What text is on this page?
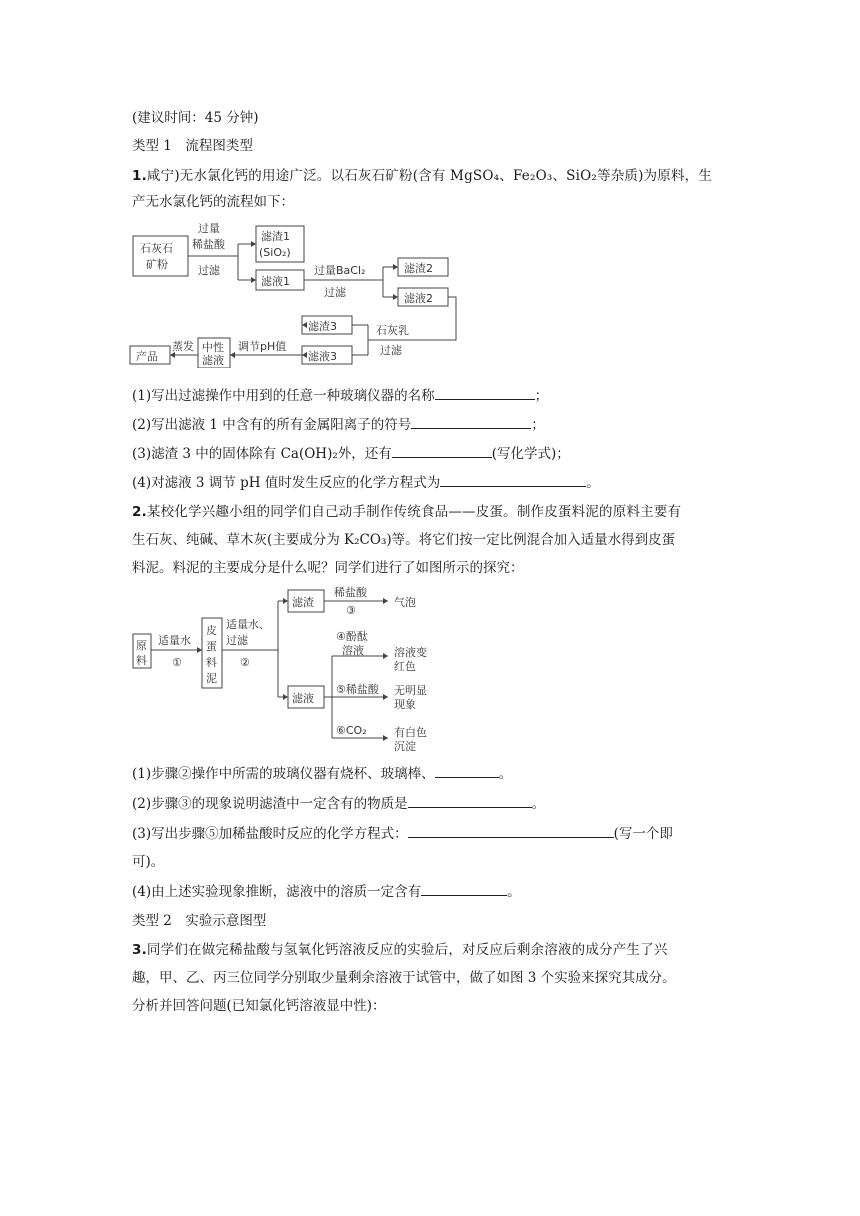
(建议时间：45 分钟)
类型 1　流程图类型
1.咸宁)无水氯化钙的用途广泛。以石灰石矿粉(含有 MgSO₄、Fe₂O₃、SiO₂等杂质)为原料，生
产无水氯化钙的流程如下：
石灰石
矿粉
过量
稀盐酸
过滤
滤渣1
(SiO₂)
滤液1
过量BaCl₂
过滤
滤渣2
滤液2
石灰乳
过滤
滤渣3
滤液3
调节pH值
中性
滤液
蒸发
产品
(1)写出过滤操作中用到的任意一种玻璃仪器的名称	；
(2)写出滤液 1 中含有的所有金属阳离子的符号	；
(3)滤渣 3 中的固体除有 Ca(OH)₂外，还有	(写化学式)；
(4)对滤液 3 调节 pH 值时发生反应的化学方程式为	。
2.某校化学兴趣小组的同学们自己动手制作传统食品——皮蛋。制作皮蛋料泥的原料主要有
生石灰、纯碱、草木灰(主要成分为 K₂CO₃)等。将它们按一定比例混合加入适量水得到皮蛋
料泥。料泥的主要成分是什么呢？同学们进行了如图所示的探究：
原
料
适量水
①
皮
蛋
料
泥
适量水、
过滤
②
滤渣
稀盐酸
③
气泡
滤液
④酚酞
溶液	溶液变
红色
⑤稀盐酸 无明显
现象
⑥CO₂ 有白色
沉淀
(1)步骤②操作中所需的玻璃仪器有烧杯、玻璃棒、	。
(2)步骤③的现象说明滤渣中一定含有的物质是	。
(3)写出步骤⑤加稀盐酸时反应的化学方程式：	(写一个即
可)。
(4)由上述实验现象推断，滤液中的溶质一定含有	。
类型 2　实验示意图型
3.同学们在做完稀盐酸与氢氧化钙溶液反应的实验后，对反应后剩余溶液的成分产生了兴
趣，甲、乙、丙三位同学分别取少量剩余溶液于试管中，做了如图 3 个实验来探究其成分。
分析并回答问题(已知氯化钙溶液显中性)：
